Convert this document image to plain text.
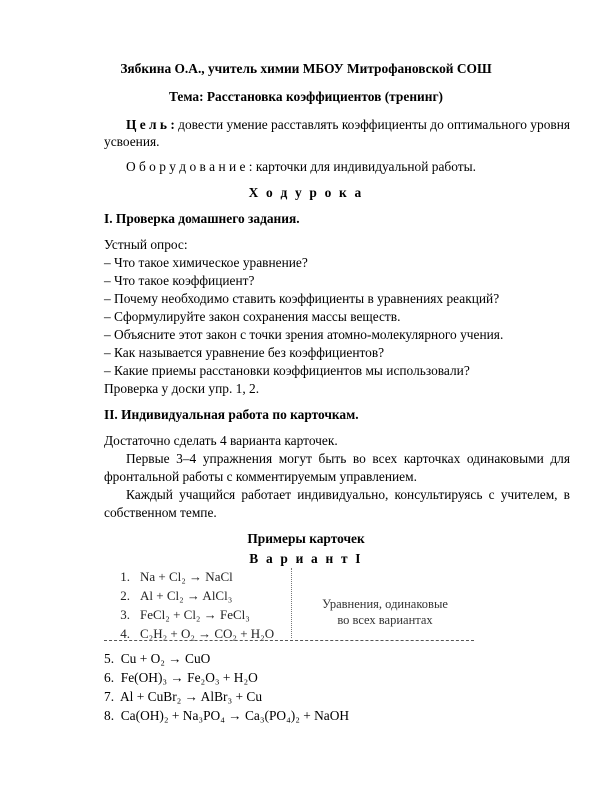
Зябкина О.А., учитель химии МБОУ Митрофановской СОШ
Тема: Расстановка коэффициентов (тренинг)
Ц е л ь : довести умение расставлять коэффициенты до оптимального уровня
усвоения.
О б о р у д о в а н и е : карточки для индивидуальной работы.
Х о д у р о к а
I. Проверка домашнего задания.
Устный опрос:
– Что такое химическое уравнение?
– Что такое коэффициент?
– Почему необходимо ставить коэффициенты в уравнениях реакций?
– Сформулируйте закон сохранения массы веществ.
– Объясните этот закон с точки зрения атомно-молекулярного учения.
– Как называется уравнение без коэффициентов?
– Какие приемы расстановки коэффициентов мы использовали?
Проверка у доски упр. 1, 2.
II. Индивидуальная работа по карточкам.
Достаточно сделать 4 варианта карточек.
Первые 3–4 упражнения могут быть во всех карточках одинаковыми для
фронтальной работы с комментируемым управлением.
Каждый учащийся работает индивидуально, консультируясь с учителем, в
собственном темпе.
Примеры карточек
В а р и а н т I
1. Na + Cl₂ → NaCl
2. Al + Cl₂ → AlCl₃
3. FeCl₂ + Cl₂ → FeCl₃
4. C₂H₂ + O₂ → CO₂ + H₂O
Уравнения, одинаковые
во всех вариантах
5. Cu + O₂ → CuO
6. Fe(OH)₃ → Fe₂O₃ + H₂O
7. Al + CuBr₂ → AlBr₃ + Cu
8. Ca(OH)₂ + Na₃PO₄ → Ca₃(PO₄)₂ + NaOH
